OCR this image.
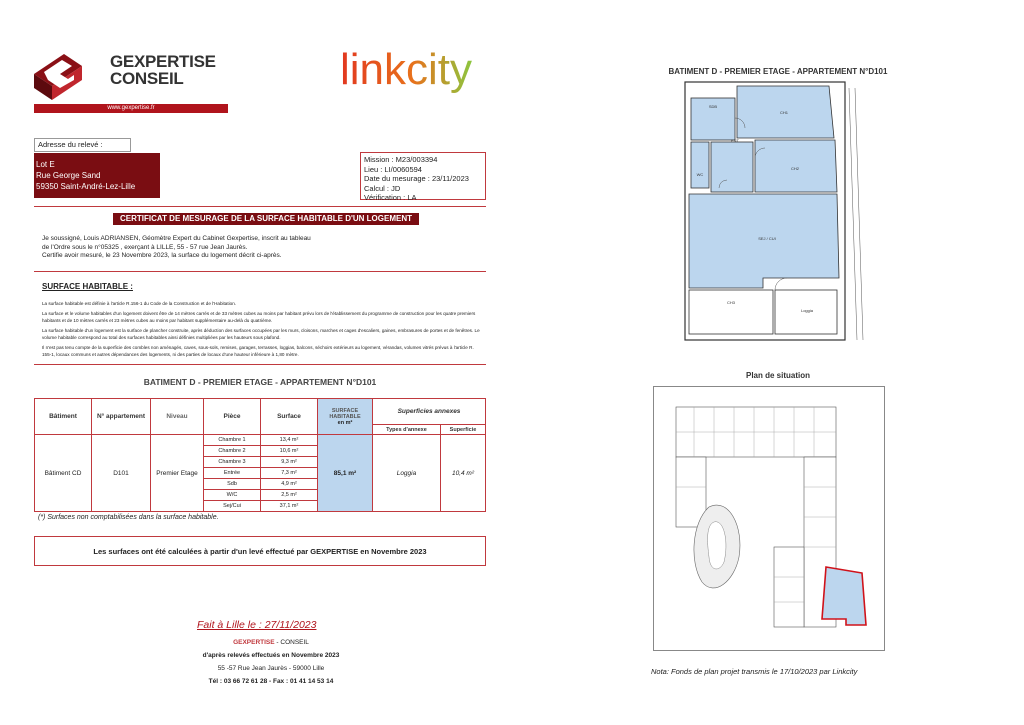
GEXPERTISE
CONSEIL
www.gexpertise.fr
linkcity
Adresse du relevé :
Lot E
Rue George Sand
59350 Saint-André-Lez-Lille
Mission : M23/003394
Lieu : LI/0060594
Date du mesurage : 23/11/2023
Calcul : JD
Vérification : LA
CERTIFICAT DE MESURAGE DE LA SURFACE HABITABLE D'UN LOGEMENT
Je soussigné, Louis ADRIANSEN, Géomètre Expert du Cabinet Gexpertise, inscrit au tableau
de l'Ordre sous le n°05325 , exerçant à LILLE, 55 - 57 rue Jean Jaurès.
Certifie avoir mesuré, le 23 Novembre 2023, la surface du logement décrit ci-après.
SURFACE HABITABLE :

La surface habitable est définie à l'article R.156-1 du Code de la Construction et de l'Habitation.

La surface et le volume habitables d'un logement doivent être de 14 mètres carrés et de 33 mètres cubes au moins par habitant prévu lors de l'établissement du programme de construction pour les quatre premiers habitants et de 10 mètres carrés et 23 mètres cubes au moins par habitant supplémentaire au-delà du quatrième.

La surface habitable d'un logement est la surface de plancher construite, après déduction des surfaces occupées par les murs, cloisons, marches et cages d'escaliers, gaines, embrasures de portes et de fenêtres. Le volume habitable correspond au total des surfaces habitables ainsi définies multipliées par les hauteurs sous plafond.

Il n'est pas tenu compte de la superficie des combles non aménagés, caves, sous-sols, remises, garages, terrasses, loggias, balcons, séchoirs extérieurs au logement, vérandas, volumes vitrés prévus à l'article R. 155-1, locaux communs et autres dépendances des logements, ni des parties de locaux d'une hauteur inférieure à 1,80 mètre.

BATIMENT D - PREMIER ETAGE - APPARTEMENT N°D101
Bâtiment	N° appartement	Niveau	Pièce	Surface	
SURFACE HABITABLE
en m²
	Superficies annexes
Types d'annexe	Superficie
Bâtiment CD	D101	Premier Etage	
Chambre 1	13,4 m²
Chambre 2	10,6 m²
Chambre 3	9,3 m²
Entrée	7,3 m²
Sdb	4,9 m²
W/C	2,5 m²
Sej/Cui	37,1 m²
	85,1 m²	Loggia	10,4 m²
(*) Surfaces non comptabilisées dans la surface habitable.
Les surfaces ont été calculées à partir d'un levé effectué par GEXPERTISE en Novembre 2023
Fait à Lille le : 27/11/2023
GEXPERTISE - CONSEIL
d'après relevés effectués en Novembre 2023
55 -57 Rue Jean Jaurès - 59000 Lille
Tél : 03 66 72 61 28 - Fax : 01 41 14 53 14
BATIMENT D - PREMIER ETAGE - APPARTEMENT N°D101
CH1
CH2
CH3
SDB
ENT
WC
SEJ / CUI
Loggia
Plan de situation
Nota: Fonds de plan projet transmis le 17/10/2023 par Linkcity
